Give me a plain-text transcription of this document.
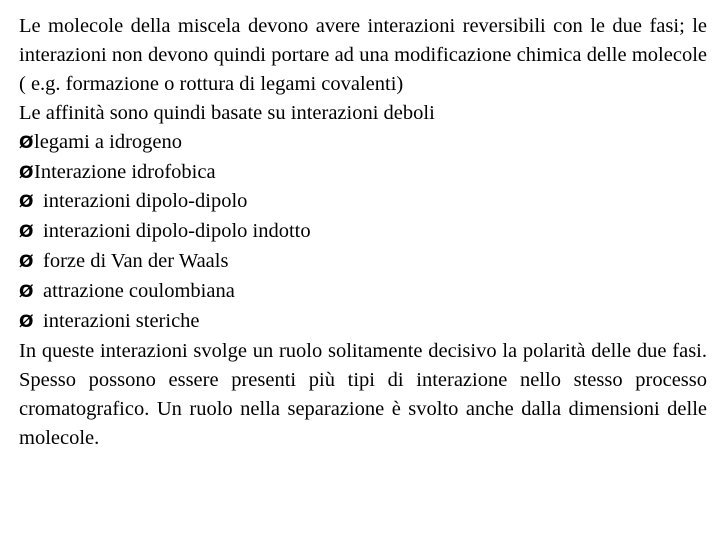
Le molecole della miscela devono avere interazioni reversibili con le due fasi; le interazioni non devono quindi portare ad una modificazione chimica delle molecole ( e.g. formazione o rottura di legami covalenti)

Le affinità sono quindi basate su interazioni deboli

Ølegami a idrogeno
ØInterazione idrofobica
Ø interazioni dipolo-dipolo
Ø interazioni dipolo-dipolo indotto
Ø forze di Van der Waals
Ø attrazione coulombiana
Ø interazioni steriche

In queste interazioni svolge un ruolo solitamente decisivo la polarità delle due fasi. Spesso possono essere presenti più tipi di interazione nello stesso processo cromatografico. Un ruolo nella separazione è svolto anche dalla dimensioni delle molecole.
